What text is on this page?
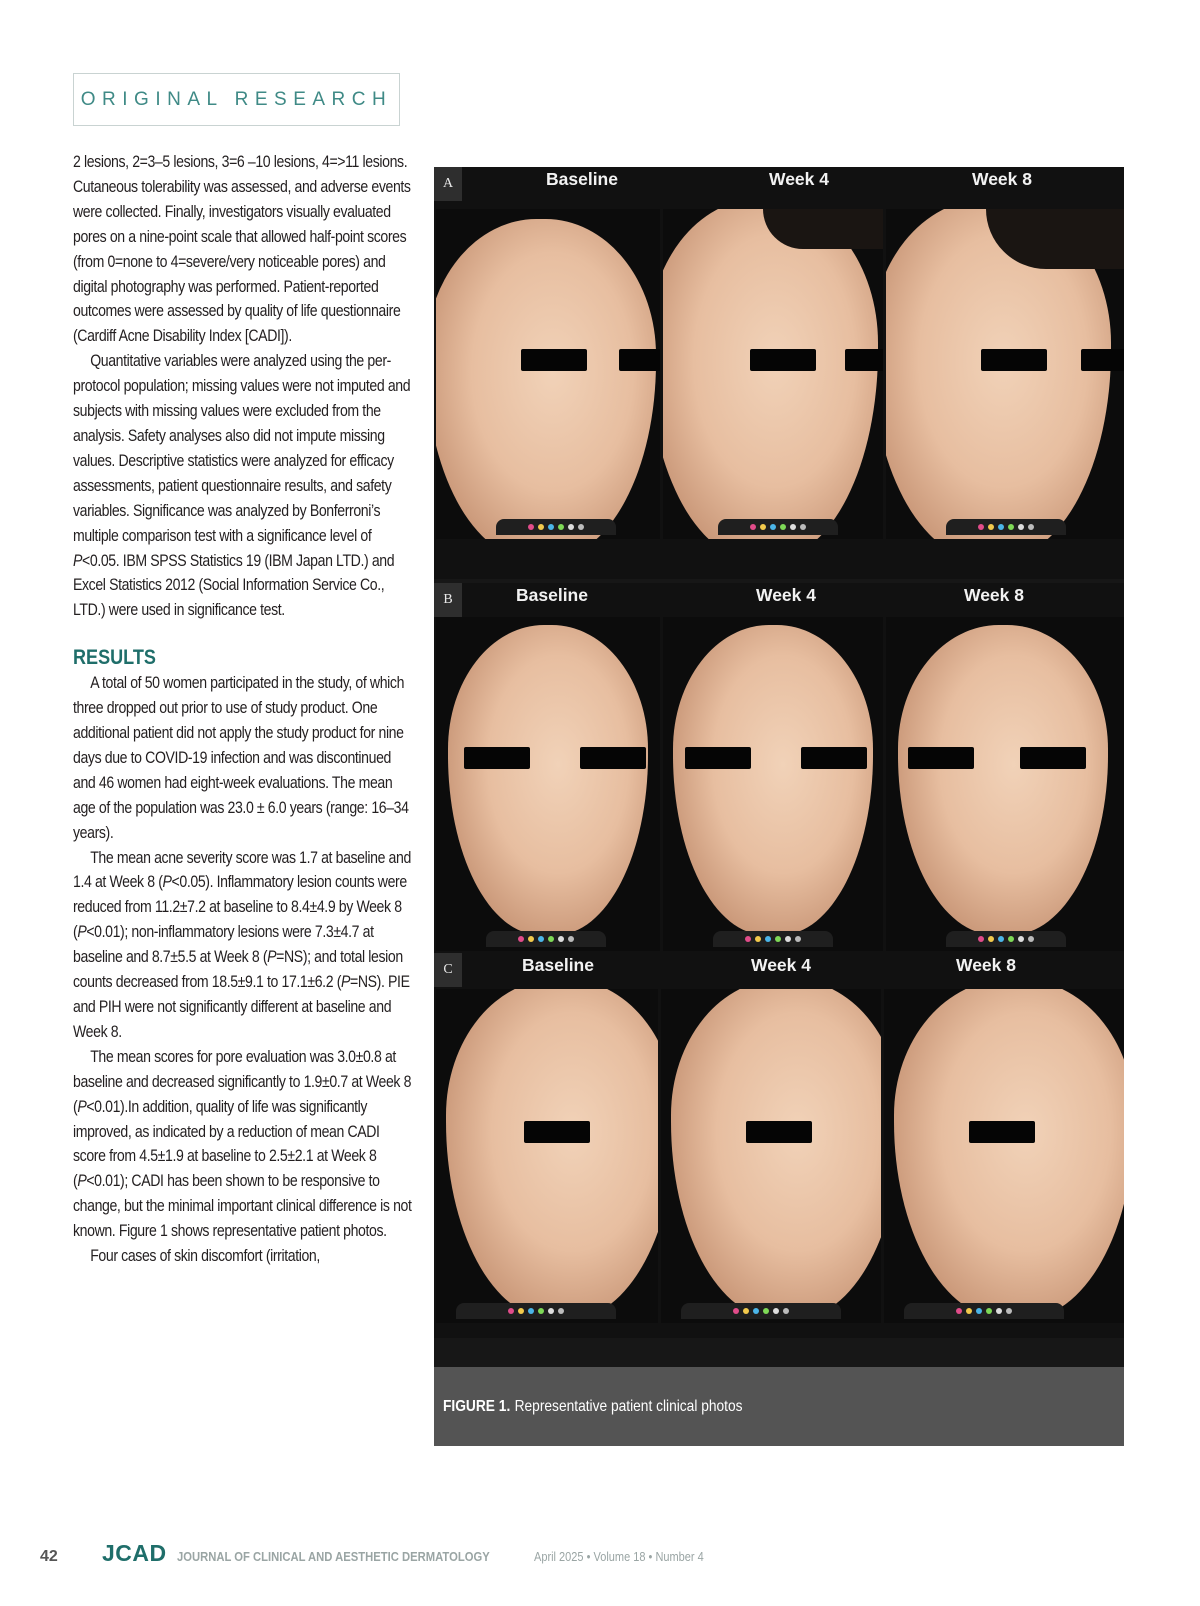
ORIGINAL RESEARCH

2 lesions, 2=3–5 lesions, 3=6 –10 lesions, 4=>11 lesions. Cutaneous tolerability was assessed, and adverse events were collected. Finally, investigators visually evaluated pores on a nine-point scale that allowed half-point scores (from 0=none to 4=severe/very noticeable pores) and digital photography was performed. Patient-reported outcomes were assessed by quality of life questionnaire (Cardiff Acne Disability Index [CADI]).

Quantitative variables were analyzed using the per-protocol population; missing values were not imputed and subjects with missing values were excluded from the analysis. Safety analyses also did not impute missing values. Descriptive statistics were analyzed for efficacy assessments, patient questionnaire results, and safety variables. Significance was analyzed by Bonferroni’s multiple comparison test with a significance level of P<0.05. IBM SPSS Statistics 19 (IBM Japan LTD.) and Excel Statistics 2012 (Social Information Service Co., LTD.) were used in significance test.

RESULTS

A total of 50 women participated in the study, of which three dropped out prior to use of study product. One additional patient did not apply the study product for nine days due to COVID-19 infection and was discontinued and 46 women had eight-week evaluations. The mean age of the population was 23.0 ± 6.0 years (range: 16–34 years).

The mean acne severity score was 1.7 at baseline and 1.4 at Week 8 (P<0.05). Inflammatory lesion counts were reduced from 11.2±7.2 at baseline to 8.4±4.9 by Week 8 (P<0.01); non-inflammatory lesions were 7.3±4.7 at baseline and 8.7±5.5 at Week 8 (P=NS); and total lesion counts decreased from 18.5±9.1 to 17.1±6.2 (P=NS). PIE and PIH were not significantly different at baseline and Week 8.

The mean scores for pore evaluation was 3.0±0.8 at baseline and decreased significantly to 1.9±0.7 at Week 8 (P<0.01).In addition, quality of life was significantly improved, as indicated by a reduction of mean CADI score from 4.5±1.9 at baseline to 2.5±2.1 at Week 8 (P<0.01); CADI has been shown to be responsive to change, but the minimal important clinical difference is not known. Figure 1 shows representative patient photos.

Four cases of skin discomfort (irritation,

A	Baseline	Week 4	Week 8
B	Baseline	Week 4	Week 8
C	Baseline	Week 4	Week 8
FIGURE 1. Representative patient clinical photos
42	JCAD JOURNAL OF CLINICAL AND AESTHETIC DERMATOLOGY	April 2025 • Volume 18 • Number 4
